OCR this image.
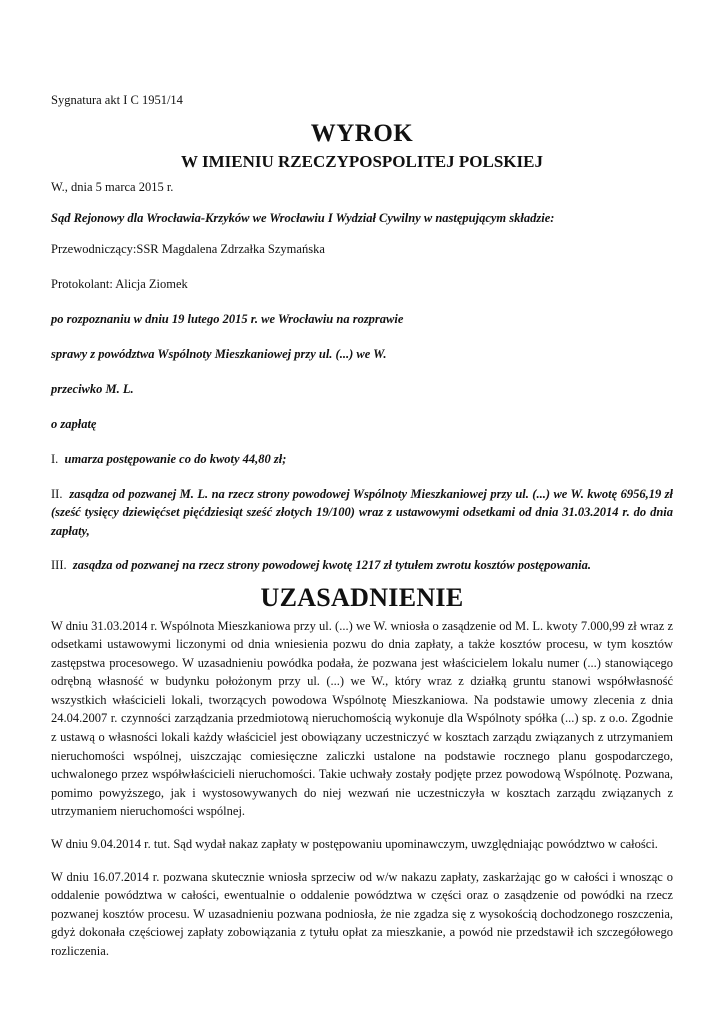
Sygnatura akt I C 1951/14

WYROK
W IMIENIU RZECZYPOSPOLITEJ POLSKIEJ

W., dnia 5 marca 2015 r.

Sąd Rejonowy dla Wrocławia-Krzyków we Wrocławiu I Wydział Cywilny w następującym składzie:

Przewodniczący:SSR Magdalena Zdrzałka Szymańska

Protokolant: Alicja Ziomek

po rozpoznaniu w dniu 19 lutego 2015 r. we Wrocławiu na rozprawie

sprawy z powództwa Wspólnoty Mieszkaniowej przy ul. (...) we W.

przeciwko M. L.

o zapłatę

I. umarza postępowanie co do kwoty 44,80 zł;

II. zasądza od pozwanej M. L. na rzecz strony powodowej Wspólnoty Mieszkaniowej przy ul. (...) we W. kwotę 6956,19 zł (sześć tysięcy dziewięćset pięćdziesiąt sześć złotych 19/100) wraz z ustawowymi odsetkami od dnia 31.03.2014 r. do dnia zapłaty,

III. zasądza od pozwanej na rzecz strony powodowej kwotę 1217 zł tytułem zwrotu kosztów postępowania.

UZASADNIENIE

W dniu 31.03.2014 r. Wspólnota Mieszkaniowa przy ul. (...) we W. wniosła o zasądzenie od M. L. kwoty 7.000,99 zł wraz z odsetkami ustawowymi liczonymi od dnia wniesienia pozwu do dnia zapłaty, a także kosztów procesu, w tym kosztów zastępstwa procesowego. W uzasadnieniu powódka podała, że pozwana jest właścicielem lokalu numer (...) stanowiącego odrębną własność w budynku położonym przy ul. (...) we W., który wraz z działką gruntu stanowi współwłasność wszystkich właścicieli lokali, tworzących powodowa Wspólnotę Mieszkaniowa. Na podstawie umowy zlecenia z dnia 24.04.2007 r. czynności zarządzania przedmiotową nieruchomością wykonuje dla Wspólnoty spółka (...) sp. z o.o. Zgodnie z ustawą o własności lokali każdy właściciel jest obowiązany uczestniczyć w kosztach zarządu związanych z utrzymaniem nieruchomości wspólnej, uiszczając comiesięczne zaliczki ustalone na podstawie rocznego planu gospodarczego, uchwalonego przez współwłaścicieli nieruchomości. Takie uchwały zostały podjęte przez powodową Wspólnotę. Pozwana, pomimo powyższego, jak i wystosowywanych do niej wezwań nie uczestniczyła w kosztach zarządu związanych z utrzymaniem nieruchomości wspólnej.

W dniu 9.04.2014 r. tut. Sąd wydał nakaz zapłaty w postępowaniu upominawczym, uwzględniając powództwo w całości.

W dniu 16.07.2014 r. pozwana skutecznie wniosła sprzeciw od w/w nakazu zapłaty, zaskarżając go w całości i wnosząc o oddalenie powództwa w całości, ewentualnie o oddalenie powództwa w części oraz o zasądzenie od powódki na rzecz pozwanej kosztów procesu. W uzasadnieniu pozwana podniosła, że nie zgadza się z wysokością dochodzonego roszczenia, gdyż dokonała częściowej zapłaty zobowiązania z tytułu opłat za mieszkanie, a powód nie przedstawił ich szczegółowego rozliczenia.
